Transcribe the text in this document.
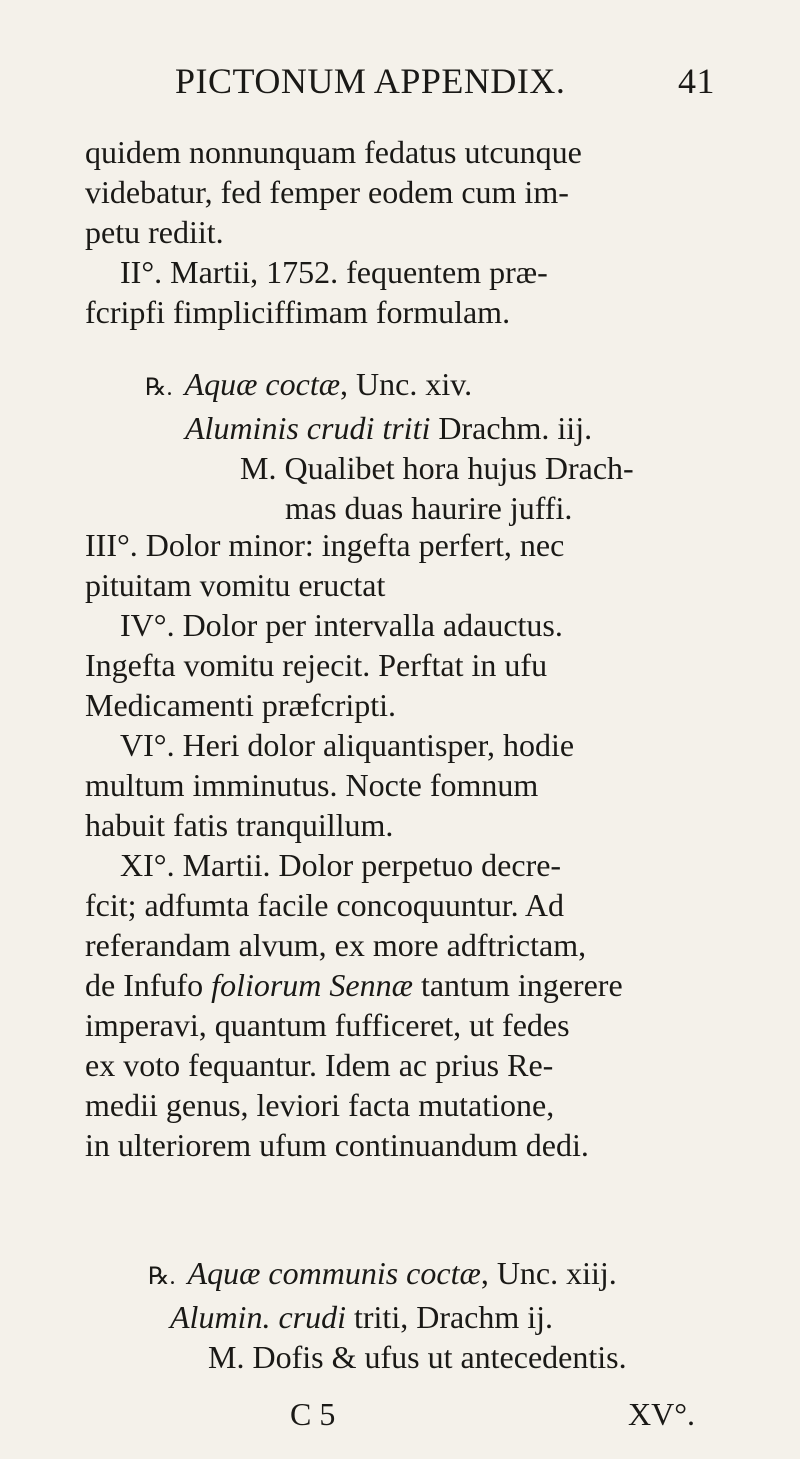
PICTONUM APPENDIX.	41
quidem nonnunquam fedatus utcunque
videbatur, fed femper eodem cum im-
petu rediit.
II°. Martii, 1752. fequentem præ-
fcripfi fimpliciffimam formulam.
℞. Aquæ coctæ, Unc. xiv.
Aluminis crudi triti Drachm. iij.
M. Qualibet hora hujus Drach-
mas duas haurire juffi.
III°. Dolor minor: ingefta perfert, nec
pituitam vomitu eructat
IV°. Dolor per intervalla adauctus.
Ingefta vomitu rejecit. Perftat in ufu
Medicamenti præfcripti.
VI°. Heri dolor aliquantisper, hodie
multum imminutus. Nocte fomnum
habuit fatis tranquillum.
XI°. Martii. Dolor perpetuo decre-
fcit; adfumta facile concoquuntur. Ad
referandam alvum, ex more adftrictam,
de Infufo foliorum Sennæ tantum ingerere
imperavi, quantum fufficeret, ut fedes
ex voto fequantur. Idem ac prius Re-
medii genus, leviori facta mutatione,
in ulteriorem ufum continuandum dedi.
℞. Aquæ communis coctæ, Unc. xiij.
Alumin. crudi triti, Drachm ij.
M. Dofis & ufus ut antecedentis.
C 5	XV°.
